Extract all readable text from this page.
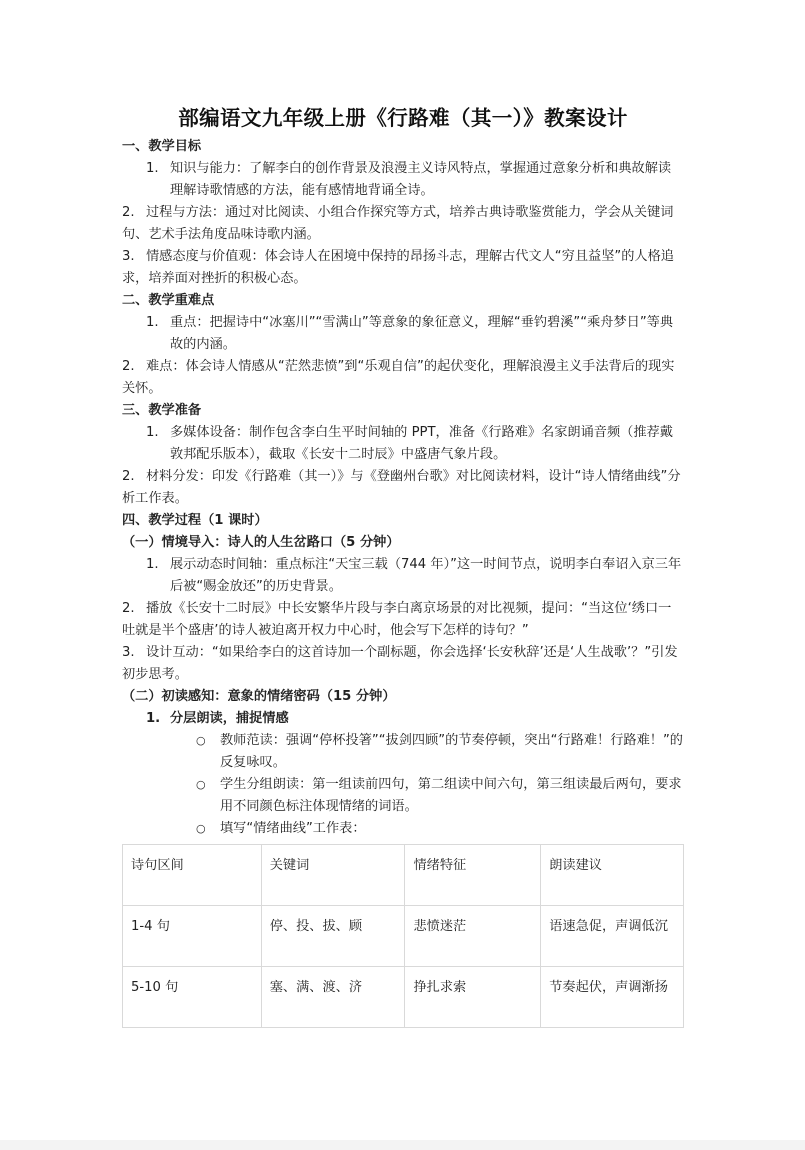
部编语文九年级上册《行路难（其一）》教案设计

一、教学目标

1. 知识与能力：了解李白的创作背景及浪漫主义诗风特点，掌握通过意象分析和典故解读理解诗歌情感的方法，能有感情地背诵全诗。

2. 过程与方法：通过对比阅读、小组合作探究等方式，培养古典诗歌鉴赏能力，学会从关键词句、艺术手法角度品味诗歌内涵。

3. 情感态度与价值观：体会诗人在困境中保持的昂扬斗志，理解古代文人“穷且益坚”的人格追求，培养面对挫折的积极心态。

二、教学重难点

1. 重点：把握诗中“冰塞川”“雪满山”等意象的象征意义，理解“垂钓碧溪”“乘舟梦日”等典故的内涵。

2. 难点：体会诗人情感从“茫然悲愤”到“乐观自信”的起伏变化，理解浪漫主义手法背后的现实关怀。

三、教学准备

1. 多媒体设备：制作包含李白生平时间轴的 PPT，准备《行路难》名家朗诵音频（推荐戴敦邦配乐版本），截取《长安十二时辰》中盛唐气象片段。

2. 材料分发：印发《行路难（其一）》与《登幽州台歌》对比阅读材料，设计“诗人情绪曲线”分析工作表。

四、教学过程（1 课时）

（一）情境导入：诗人的人生岔路口（5 分钟）

1. 展示动态时间轴：重点标注“天宝三载（744 年）”这一时间节点，说明李白奉诏入京三年后被“赐金放还”的历史背景。

2. 播放《长安十二时辰》中长安繁华片段与李白离京场景的对比视频，提问：“当这位‘绣口一吐就是半个盛唐’的诗人被迫离开权力中心时，他会写下怎样的诗句？”

3. 设计互动：“如果给李白的这首诗加一个副标题，你会选择‘长安秋辞’还是‘人生战歌’？”引发初步思考。

（二）初读感知：意象的情绪密码（15 分钟）

1. 分层朗读，捕捉情感

○ 教师范读：强调“停杯投箸”“拔剑四顾”的节奏停顿，突出“行路难！行路难！”的反复咏叹。

○ 学生分组朗读：第一组读前四句，第二组读中间六句，第三组读最后两句，要求用不同颜色标注体现情绪的词语。

○ 填写“情绪曲线”工作表：

诗句区间	关键词	情绪特征	朗读建议
1-4 句	停、投、拔、顾	悲愤迷茫	语速急促，声调低沉
5-10 句	塞、满、渡、济	挣扎求索	节奏起伏，声调渐扬
